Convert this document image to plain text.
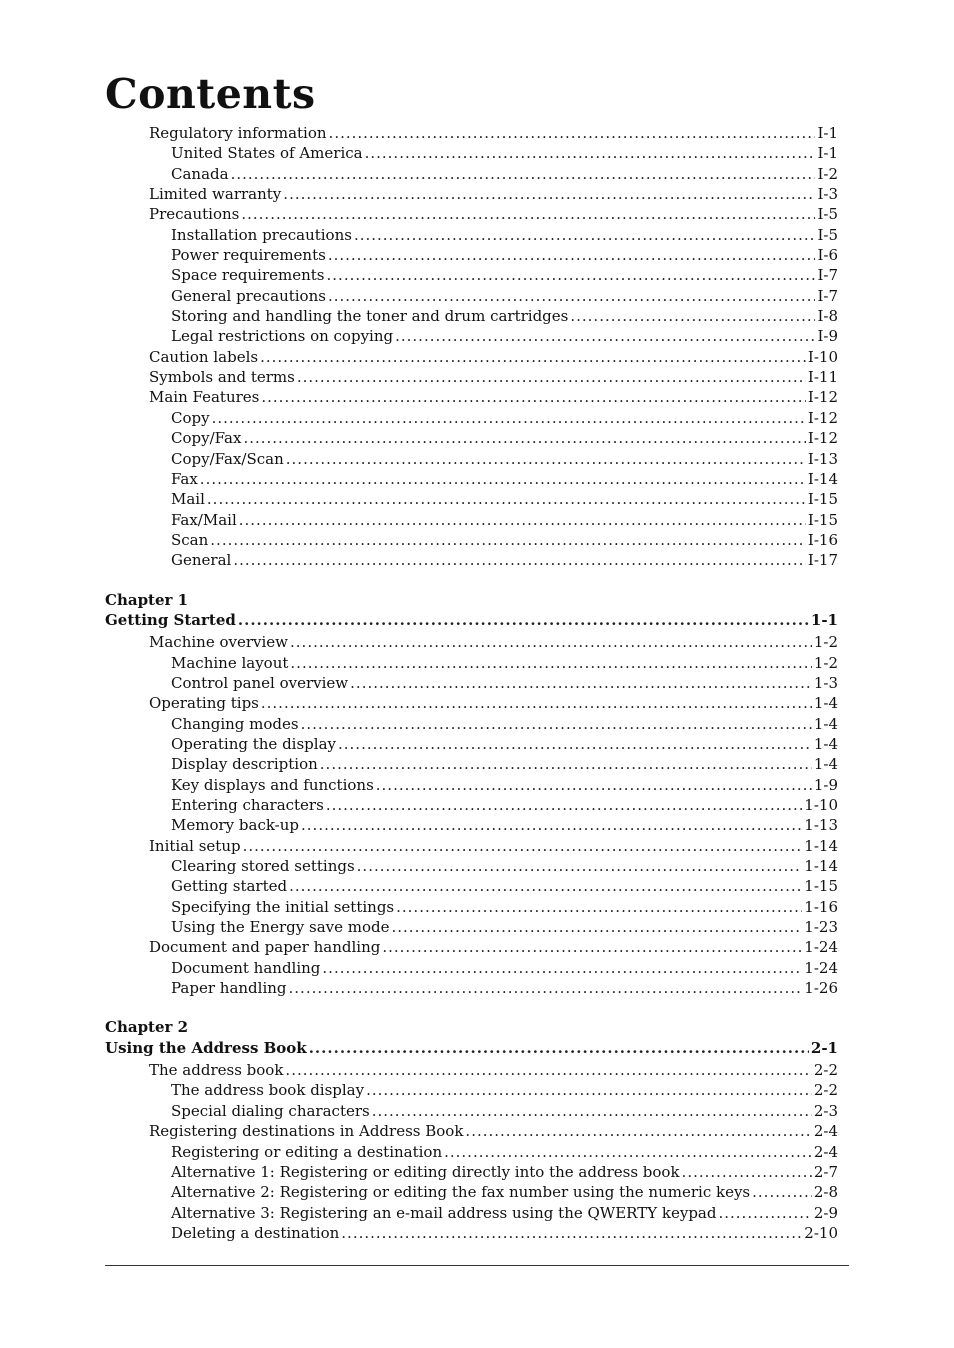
Contents
Regulatory information .....	I-1
United States of America .....	I-1
Canada .....	I-2
Limited warranty .....	I-3
Precautions .....	I-5
Installation precautions .....	I-5
Power requirements .....	I-6
Space requirements .....	I-7
General precautions .....	I-7
Storing and handling the toner and drum cartridges .....	I-8
Legal restrictions on copying .....	I-9
Caution labels .....	I-10
Symbols and terms .....	I-11
Main Features .....	I-12
Copy .....	I-12
Copy/Fax .....	I-12
Copy/Fax/Scan .....	I-13
Fax .....	I-14
Mail .....	I-15
Fax/Mail .....	I-15
Scan .....	I-16
General .....	I-17
Chapter 1
Getting Started .....	1-1
Machine overview .....	1-2
Machine layout .....	1-2
Control panel overview .....	1-3
Operating tips .....	1-4
Changing modes .....	1-4
Operating the display .....	1-4
Display description .....	1-4
Key displays and functions .....	1-9
Entering characters .....	1-10
Memory back-up .....	1-13
Initial setup .....	1-14
Clearing stored settings .....	1-14
Getting started .....	1-15
Specifying the initial settings .....	1-16
Using the Energy save mode .....	1-23
Document and paper handling .....	1-24
Document handling .....	1-24
Paper handling .....	1-26
Chapter 2
Using the Address Book .....	2-1
The address book .....	2-2
The address book display .....	2-2
Special dialing characters .....	2-3
Registering destinations in Address Book .....	2-4
Registering or editing a destination .....	2-4
Alternative 1: Registering or editing directly into the address book .....	2-7
Alternative 2: Registering or editing the fax number using the numeric keys .....	2-8
Alternative 3: Registering an e-mail address using the QWERTY keypad .....	2-9
Deleting a destination .....	2-10
